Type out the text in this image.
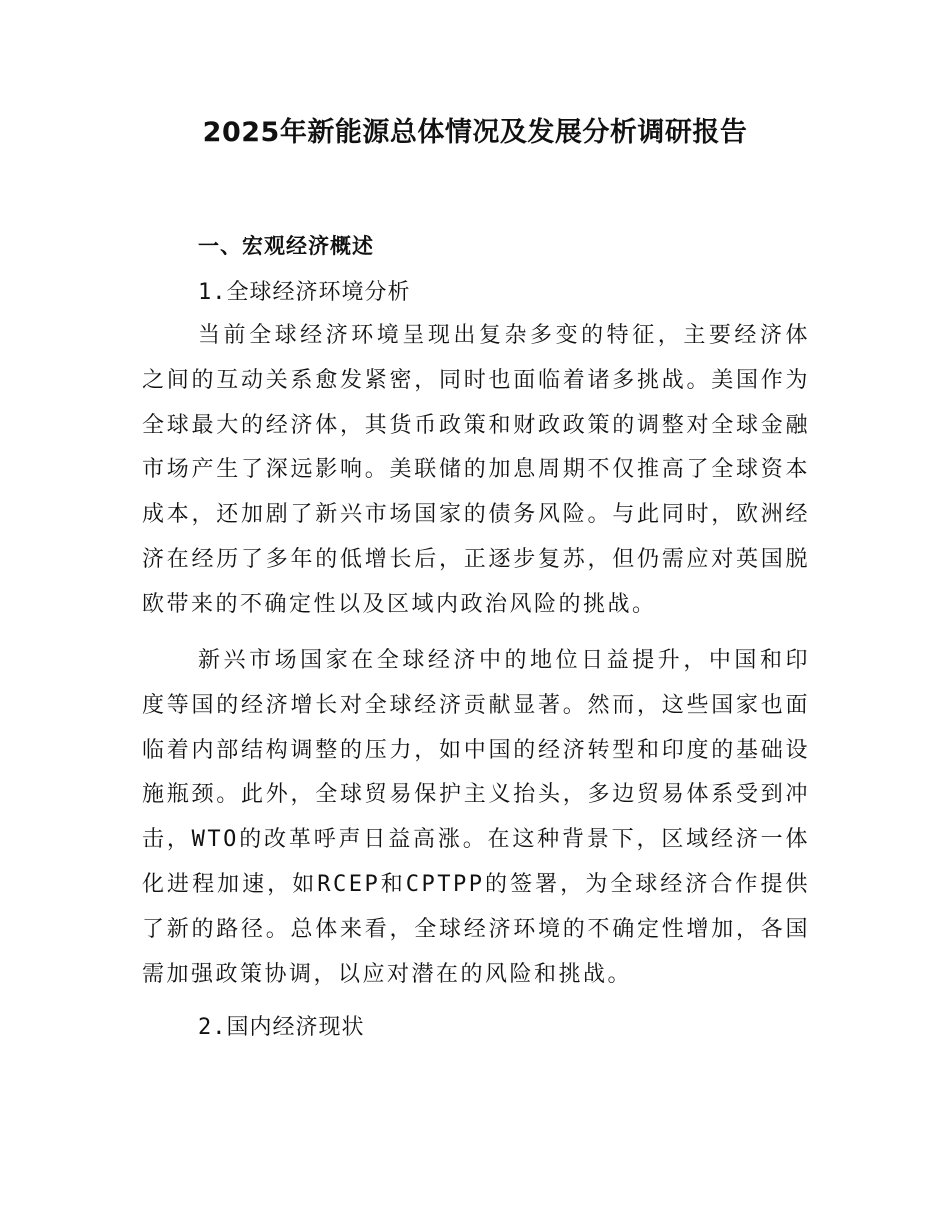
2025年新能源总体情况及发展分析调研报告
一、宏观经济概述
1.全球经济环境分析

当前全球经济环境呈现出复杂多变的特征，主要经济体之间的互动关系愈发紧密，同时也面临着诸多挑战。美国作为全球最大的经济体，其货币政策和财政政策的调整对全球金融市场产生了深远影响。美联储的加息周期不仅推高了全球资本成本，还加剧了新兴市场国家的债务风险。与此同时，欧洲经济在经历了多年的低增长后，正逐步复苏，但仍需应对英国脱欧带来的不确定性以及区域内政治风险的挑战。

新兴市场国家在全球经济中的地位日益提升，中国和印度等国的经济增长对全球经济贡献显著。然而，这些国家也面临着内部结构调整的压力，如中国的经济转型和印度的基础设施瓶颈。此外，全球贸易保护主义抬头，多边贸易体系受到冲击，WTO的改革呼声日益高涨。在这种背景下，区域经济一体化进程加速，如RCEP和CPTPP的签署，为全球经济合作提供了新的路径。总体来看，全球经济环境的不确定性增加，各国需加强政策协调，以应对潜在的风险和挑战。

2.国内经济现状
